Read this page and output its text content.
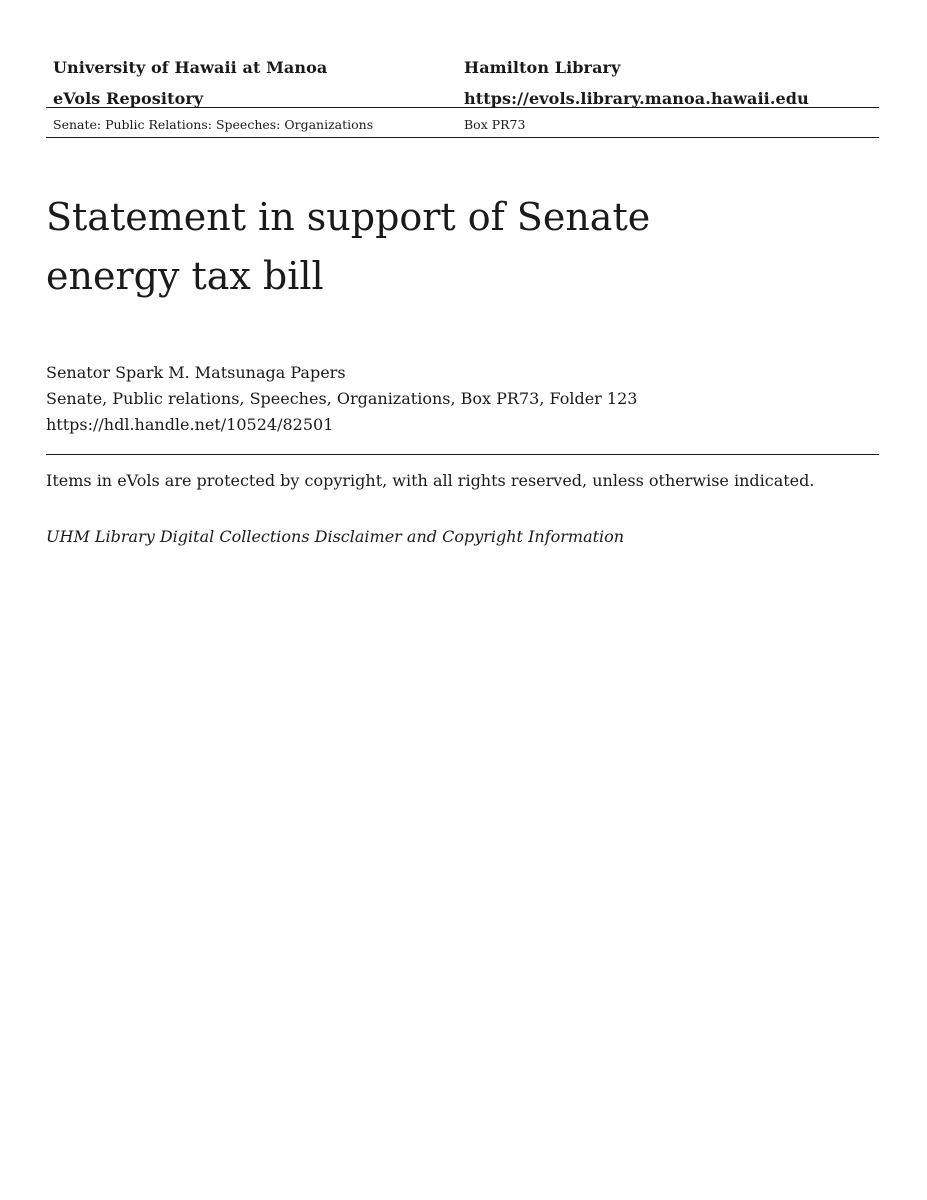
University of Hawaii at Manoa	Hamilton Library
eVols Repository	https://evols.library.manoa.hawaii.edu
Senate: Public Relations: Speeches: Organizations	Box PR73
Statement in support of Senate energy tax bill
Senator Spark M. Matsunaga Papers
Senate, Public relations, Speeches, Organizations, Box PR73, Folder 123
https://hdl.handle.net/10524/82501
Items in eVols are protected by copyright, with all rights reserved, unless otherwise indicated.
UHM Library Digital Collections Disclaimer and Copyright Information
